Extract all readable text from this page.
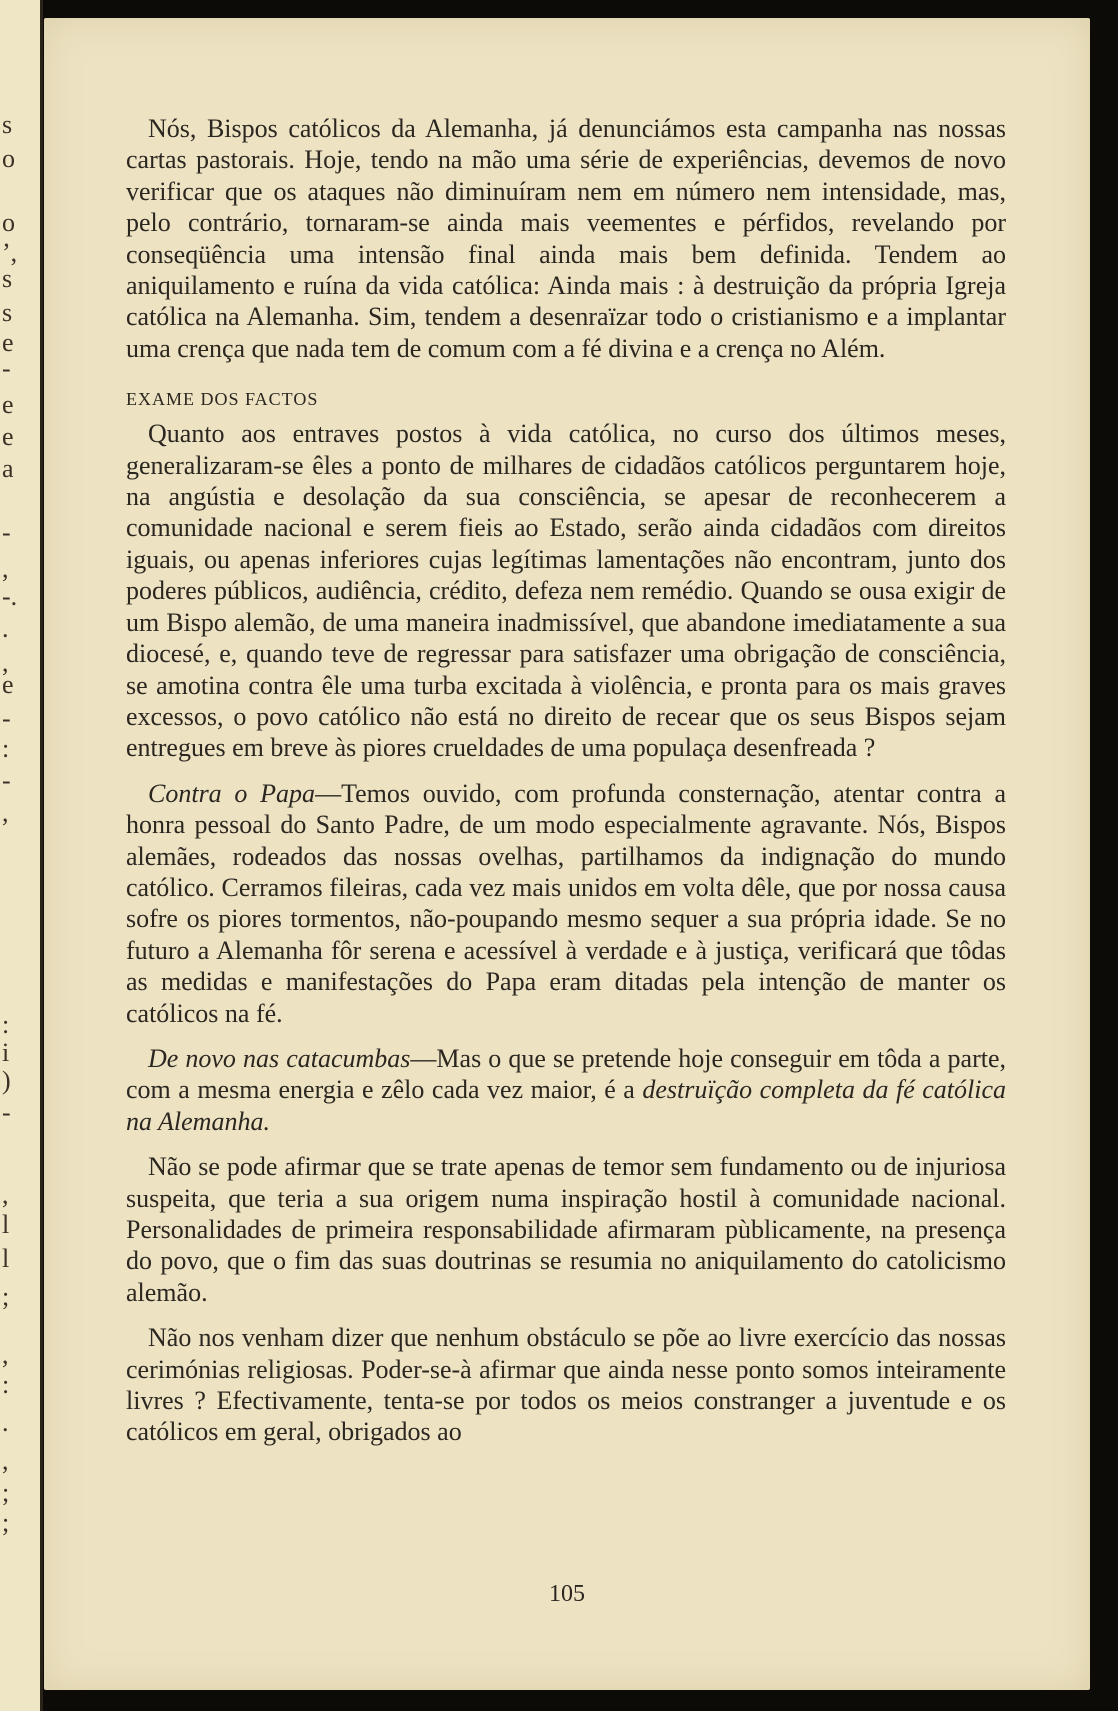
s
o
o
’,
s
s
e
-
e
e
a
-
,
-.
.
,
e
-
:
-
,
:
i
)
-
,
l
l
;
,
:
.
,
;
;

Nós, Bispos católicos da Alemanha, já denunciámos esta campanha nas nossas cartas pastorais. Hoje, tendo na mão uma série de experiências, devemos de novo verificar que os ataques não diminuíram nem em número nem intensidade, mas, pelo contrário, tornaram-se ainda mais veementes e pérfidos, revelando por conseqüência uma intensão final ainda mais bem definida. Tendem ao aniquilamento e ruína da vida católica: Ainda mais : à destruição da própria Igreja católica na Alemanha. Sim, tendem a desenraïzar todo o cristianismo e a implantar uma crença que nada tem de comum com a fé divina e a crença no Além.

EXAME DOS FACTOS

Quanto aos entraves postos à vida católica, no curso dos últimos meses, generalizaram-se êles a ponto de milhares de cidadãos católicos perguntarem hoje, na angústia e desolação da sua consciência, se apesar de reconhecerem a comunidade nacional e serem fieis ao Estado, serão ainda cidadãos com direitos iguais, ou apenas inferiores cujas legítimas lamentações não encontram, junto dos poderes públicos, audiência, crédito, defeza nem remédio. Quando se ousa exigir de um Bispo alemão, de uma maneira inadmissível, que abandone imediatamente a sua diocesé, e, quando teve de regressar para satisfazer uma obrigação de consciência, se amotina contra êle uma turba excitada à violência, e pronta para os mais graves excessos, o povo católico não está no direito de recear que os seus Bispos sejam entregues em breve às piores crueldades de uma populaça desenfreada ?

Contra o Papa—Temos ouvido, com profunda consternação, atentar contra a honra pessoal do Santo Padre, de um modo especialmente agravante. Nós, Bispos alemães, rodeados das nossas ovelhas, partilhamos da indignação do mundo católico. Cerramos fileiras, cada vez mais unidos em volta dêle, que por nossa causa sofre os piores tormentos, não-poupando mesmo sequer a sua própria idade. Se no futuro a Alemanha fôr serena e acessível à verdade e à justiça, verificará que tôdas as medidas e manifestações do Papa eram ditadas pela intenção de manter os católicos na fé.

De novo nas catacumbas—Mas o que se pretende hoje conseguir em tôda a parte, com a mesma energia e zêlo cada vez maior, é a destruïção completa da fé católica na Alemanha.

Não se pode afirmar que se trate apenas de temor sem fundamento ou de injuriosa suspeita, que teria a sua origem numa inspiração hostil à comunidade nacional. Personalidades de primeira responsabilidade afirmaram pùblicamente, na presença do povo, que o fim das suas doutrinas se resumia no aniquilamento do catolicismo alemão.

Não nos venham dizer que nenhum obstáculo se põe ao livre exercício das nossas cerimónias religiosas. Poder-se-à afirmar que ainda nesse ponto somos inteiramente livres ? Efectivamente, tenta-se por todos os meios constranger a juventude e os católicos em geral, obrigados ao

105
